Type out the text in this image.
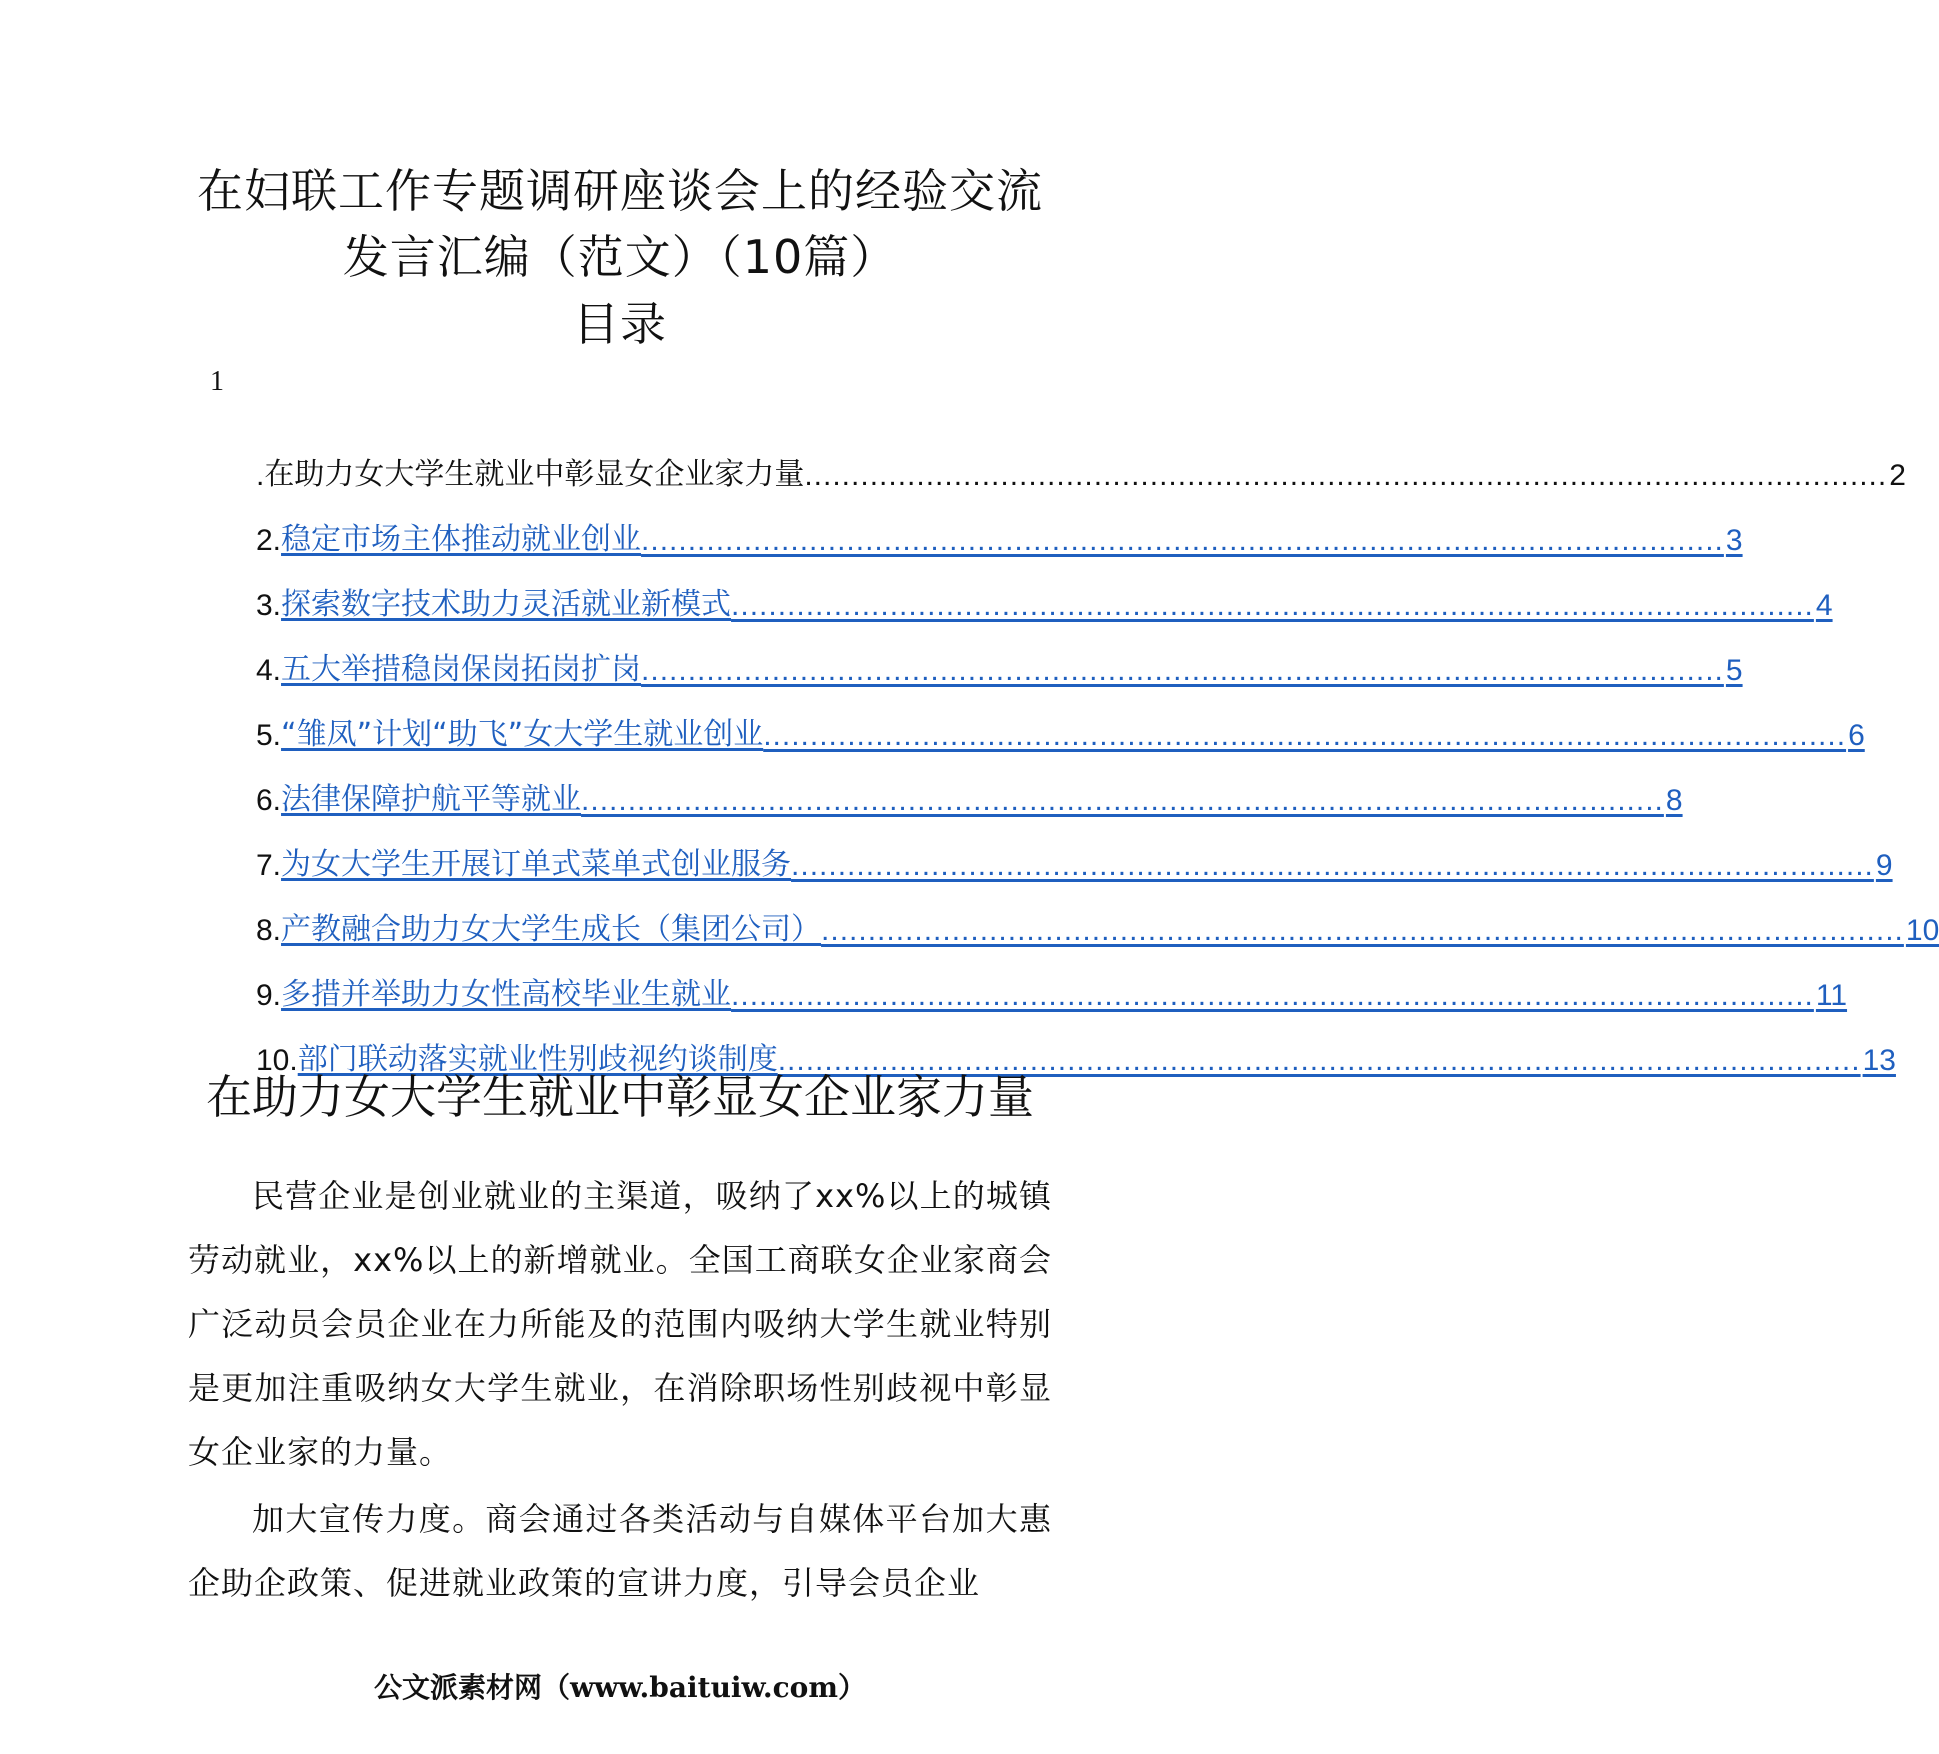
在妇联工作专题调研座谈会上的经验交流
发言汇编（范文）（10篇）
目录
1
. 在助力女大学生就业中彰显女企业家力量 .................................................................................................................... 2
2. 稳定市场主体推动就业创业 .................................................................................................................... 3
3. 探索数字技术助力灵活就业新模式 .................................................................................................................... 4
4. 五大举措稳岗保岗拓岗扩岗 .................................................................................................................... 5
5. “雏凤”计划“助飞”女大学生就业创业 .................................................................................................................... 6
6. 法律保障护航平等就业 .................................................................................................................... 8
7. 为女大学生开展订单式菜单式创业服务 .................................................................................................................... 9
8. 产教融合助力女大学生成长（集团公司） .................................................................................................................... 10
9. 多措并举助力女性高校毕业生就业 .................................................................................................................... 11
10. 部门联动落实就业性别歧视约谈制度 .................................................................................................................... 13
在助力女大学生就业中彰显女企业家力量

民营企业是创业就业的主渠道，吸纳了xx%以上的城镇劳动就业，xx%以上的新增就业。全国工商联女企业家商会广泛动员会员企业在力所能及的范围内吸纳大学生就业特别是更加注重吸纳女大学生就业，在消除职场性别歧视中彰显女企业家的力量。

加大宣传力度。商会通过各类活动与自媒体平台加大惠企助企政策、促进就业政策的宣讲力度，引导会员企业

公文派素材网（www.baituiw.com）
